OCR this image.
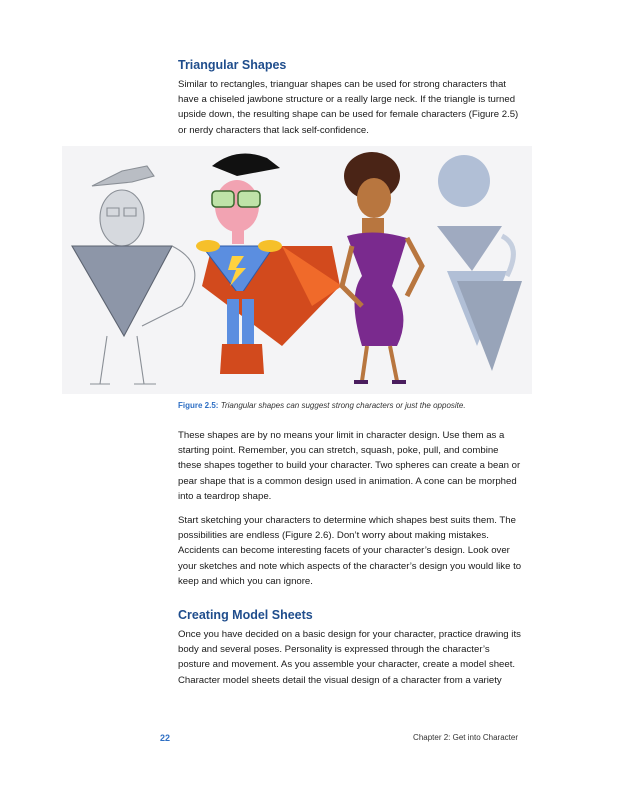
Triangular Shapes

Similar to rectangles, trianguar shapes can be used for strong characters that have a chiseled jawbone structure or a really large neck. If the triangle is turned upside down, the resulting shape can be used for female characters (Figure 2.5) or nerdy characters that lack self-confidence.

Figure 2.5: Triangular shapes can suggest strong characters or just the opposite.

These shapes are by no means your limit in character design. Use them as a starting point. Remember, you can stretch, squash, poke, pull, and combine these shapes together to build your character. Two spheres can create a bean or pear shape that is a common design used in animation. A cone can be morphed into a teardrop shape.

Start sketching your characters to determine which shapes best suits them. The possibilities are endless (Figure 2.6). Don’t worry about making mistakes. Accidents can become interesting facets of your character’s design. Look over your sketches and note which aspects of the character’s design you would like to keep and which you can ignore.

Creating Model Sheets

Once you have decided on a basic design for your character, practice drawing its body and several poses. Personality is expressed through the character’s posture and movement. As you assemble your character, create a model sheet. Character model sheets detail the visual design of a character from a variety

22	Chapter 2: Get into Character
